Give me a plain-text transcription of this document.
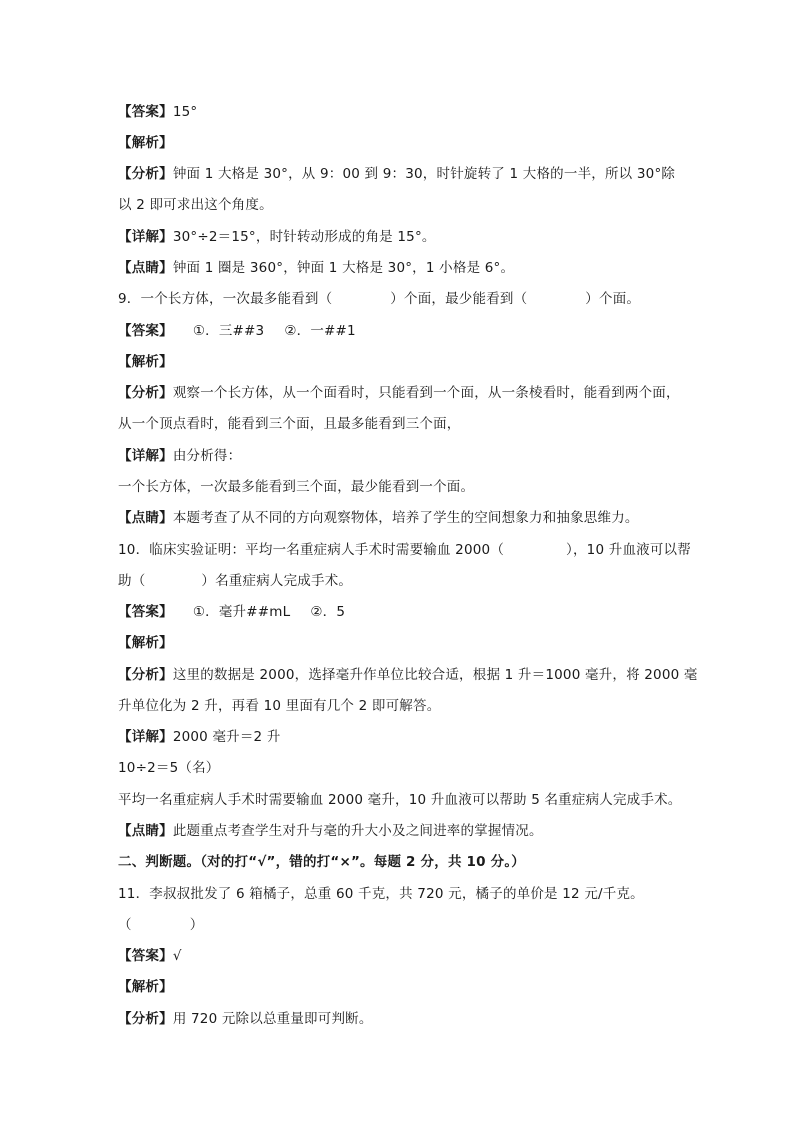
【答案】15°
【解析】
【分析】钟面 1 大格是 30°，从 9：00 到 9：30，时针旋转了 1 大格的一半，所以 30°除
以 2 即可求出这个角度。
【详解】30°÷2＝15°，时针转动形成的角是 15°。
【点睛】钟面 1 圈是 360°，钟面 1 大格是 30°，1 小格是 6°。
9．一个长方体，一次最多能看到（	）个面，最少能看到（	）个面。
【答案】 ①．三##3 ②．一##1
【解析】
【分析】观察一个长方体，从一个面看时，只能看到一个面，从一条棱看时，能看到两个面，
从一个顶点看时，能看到三个面，且最多能看到三个面，
【详解】由分析得：
一个长方体，一次最多能看到三个面，最少能看到一个面。
【点睛】本题考查了从不同的方向观察物体，培养了学生的空间想象力和抽象思维力。
10．临床实验证明：平均一名重症病人手术时需要输血 2000（	），10 升血液可以帮
助（	）名重症病人完成手术。
【答案】 ①．毫升##mL ②．5
【解析】
【分析】这里的数据是 2000，选择毫升作单位比较合适，根据 1 升＝1000 毫升，将 2000 毫
升单位化为 2 升，再看 10 里面有几个 2 即可解答。
【详解】2000 毫升＝2 升
10÷2＝5（名）
平均一名重症病人手术时需要输血 2000 毫升，10 升血液可以帮助 5 名重症病人完成手术。
【点睛】此题重点考查学生对升与毫的升大小及之间进率的掌握情况。
二、判断题。（对的打“√”，错的打“×”。每题 2 分，共 10 分。）
11．李叔叔批发了 6 箱橘子，总重 60 千克，共 720 元，橘子的单价是 12 元/千克。
（	）
【答案】√
【解析】
【分析】用 720 元除以总重量即可判断。
